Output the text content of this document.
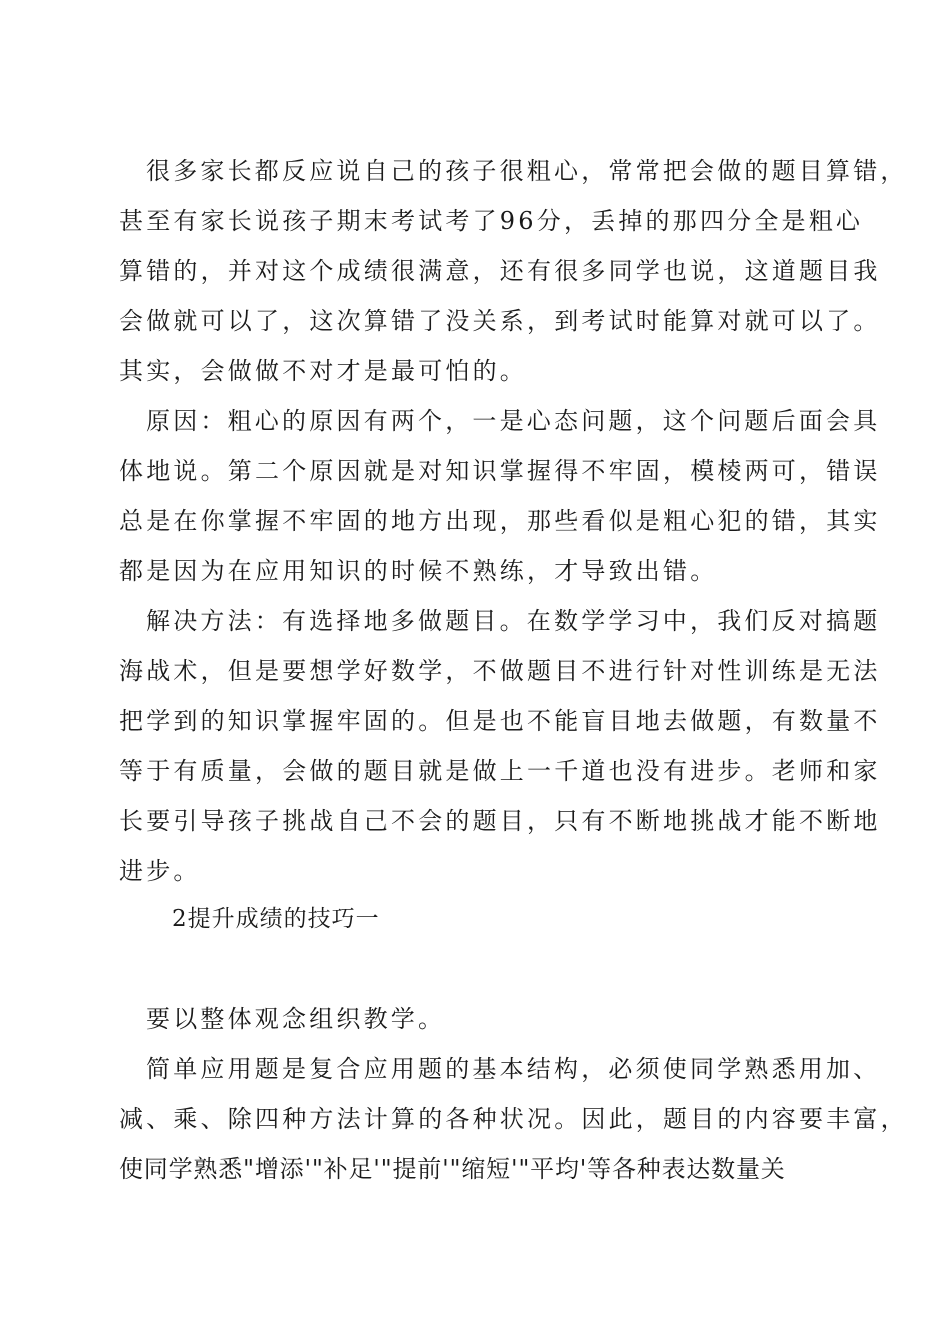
很多家长都反应说自己的孩子很粗心，常常把会做的题目算错，
甚至有家长说孩子期末考试考了96分，丢掉的那四分全是粗心
算错的，并对这个成绩很满意，还有很多同学也说，这道题目我
会做就可以了，这次算错了没关系，到考试时能算对就可以了。
其实，会做做不对才是最可怕的。
原因：粗心的原因有两个，一是心态问题，这个问题后面会具
体地说。第二个原因就是对知识掌握得不牢固，模棱两可，错误
总是在你掌握不牢固的地方出现，那些看似是粗心犯的错，其实
都是因为在应用知识的时候不熟练，才导致出错。
解决方法：有选择地多做题目。在数学学习中，我们反对搞题
海战术，但是要想学好数学，不做题目不进行针对性训练是无法
把学到的知识掌握牢固的。但是也不能盲目地去做题，有数量不
等于有质量，会做的题目就是做上一千道也没有进步。老师和家
长要引导孩子挑战自己不会的题目，只有不断地挑战才能不断地
进步。
2提升成绩的技巧一
要以整体观念组织教学。
简单应用题是复合应用题的基本结构，必须使同学熟悉用加、
减、乘、除四种方法计算的各种状况。因此，题目的内容要丰富，
使同学熟悉"增添'"补足'"提前'"缩短'"平均'等各种表达数量关
